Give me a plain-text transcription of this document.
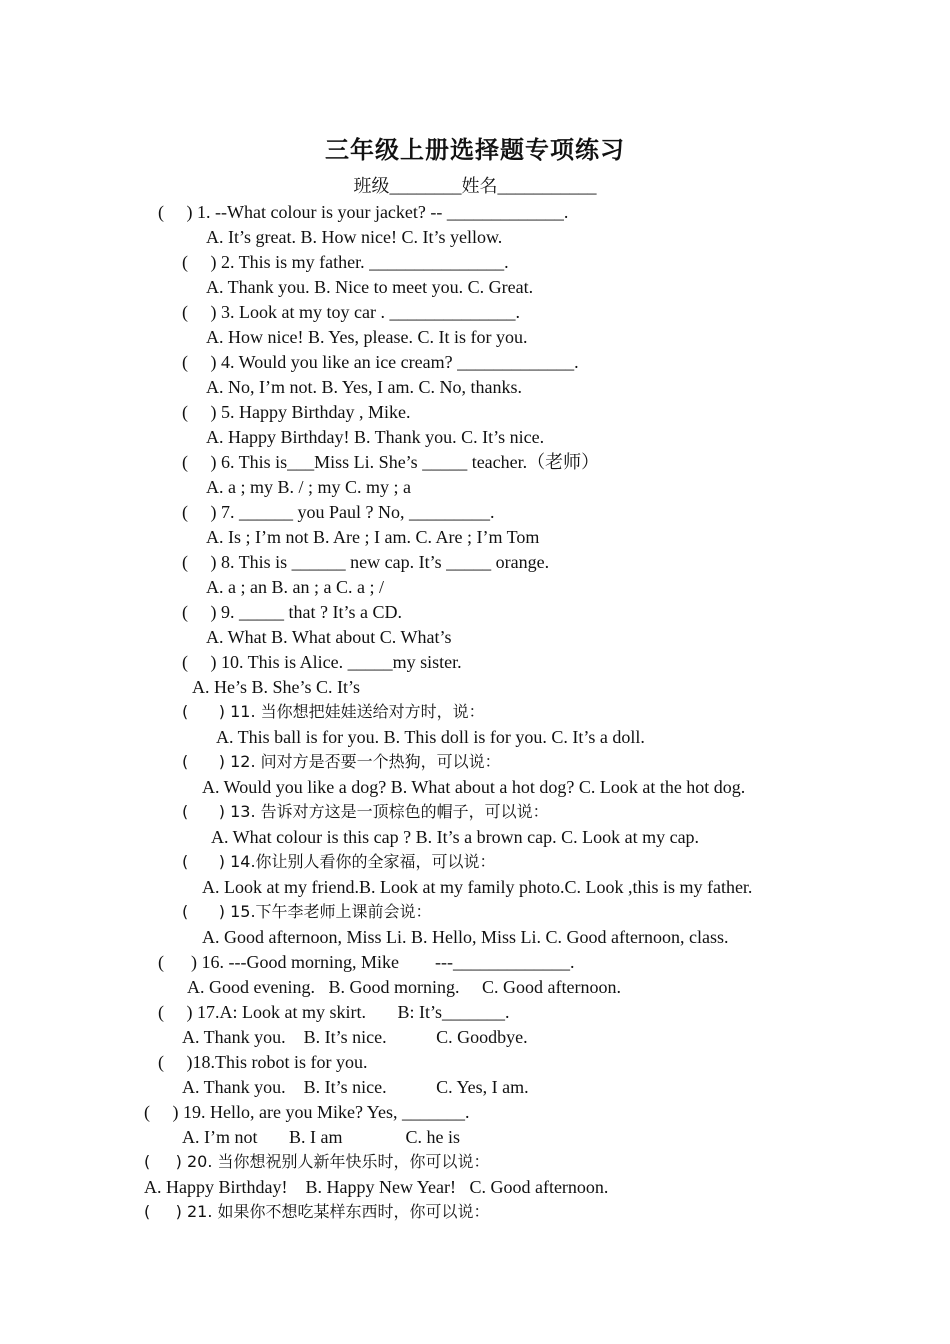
三年级上册选择题专项练习
班级________姓名___________
(     ) 1. --What colour is your jacket? -- _____________.
A. It’s great. B. How nice! C. It’s yellow.
(     ) 2. This is my father. _______________.
A. Thank you. B. Nice to meet you. C. Great.
(     ) 3. Look at my toy car . ______________.
A. How nice! B. Yes, please. C. It is for you.
(     ) 4. Would you like an ice cream? _____________.
A. No, I’m not. B. Yes, I am. C. No, thanks.
(     ) 5. Happy Birthday , Mike.
A. Happy Birthday! B. Thank you. C. It’s nice.
(     ) 6. This is___Miss Li. She’s _____ teacher.（老师）
A. a ; my B. / ; my C. my ; a
(     ) 7. ______ you Paul ? No, _________.
A. Is ; I’m not B. Are ; I am. C. Are ; I’m Tom
(     ) 8. This is ______ new cap. It’s _____ orange.
A. a ; an B. an ; a C. a ; /
(     ) 9. _____ that ? It’s a CD.
A. What B. What about C. What’s
(     ) 10. This is Alice. _____my sister.
A. He’s B. She’s C. It’s
(      ) 11. 当你想把娃娃送给对方时，说：
A. This ball is for you. B. This doll is for you. C. It’s a doll.
(      ) 12. 问对方是否要一个热狗，可以说：
A. Would you like a dog? B. What about a hot dog? C. Look at the hot dog.
(      ) 13. 告诉对方这是一顶棕色的帽子，可以说：
A. What colour is this cap ? B. It’s a brown cap. C. Look at my cap.
(      ) 14.你让别人看你的全家福，可以说：
A. Look at my friend.B. Look at my family photo.C. Look ,this is my father.
(      ) 15.下午李老师上课前会说：
A. Good afternoon, Miss Li. B. Hello, Miss Li. C. Good afternoon, class.
(      ) 16. ---Good morning, Mike        ---_____________.
A. Good evening.   B. Good morning.     C. Good afternoon.
(     ) 17.A: Look at my skirt.       B: It’s_______.
A. Thank you.    B. It’s nice.           C. Goodbye.
(     )18.This robot is for you.
A. Thank you.    B. It’s nice.           C. Yes, I am.
(     ) 19. Hello, are you Mike? Yes, _______.
A. I’m not       B. I am              C. he is
(     ) 20. 当你想祝别人新年快乐时，你可以说：
A. Happy Birthday!    B. Happy New Year!   C. Good afternoon.
(     ) 21. 如果你不想吃某样东西时，你可以说：
